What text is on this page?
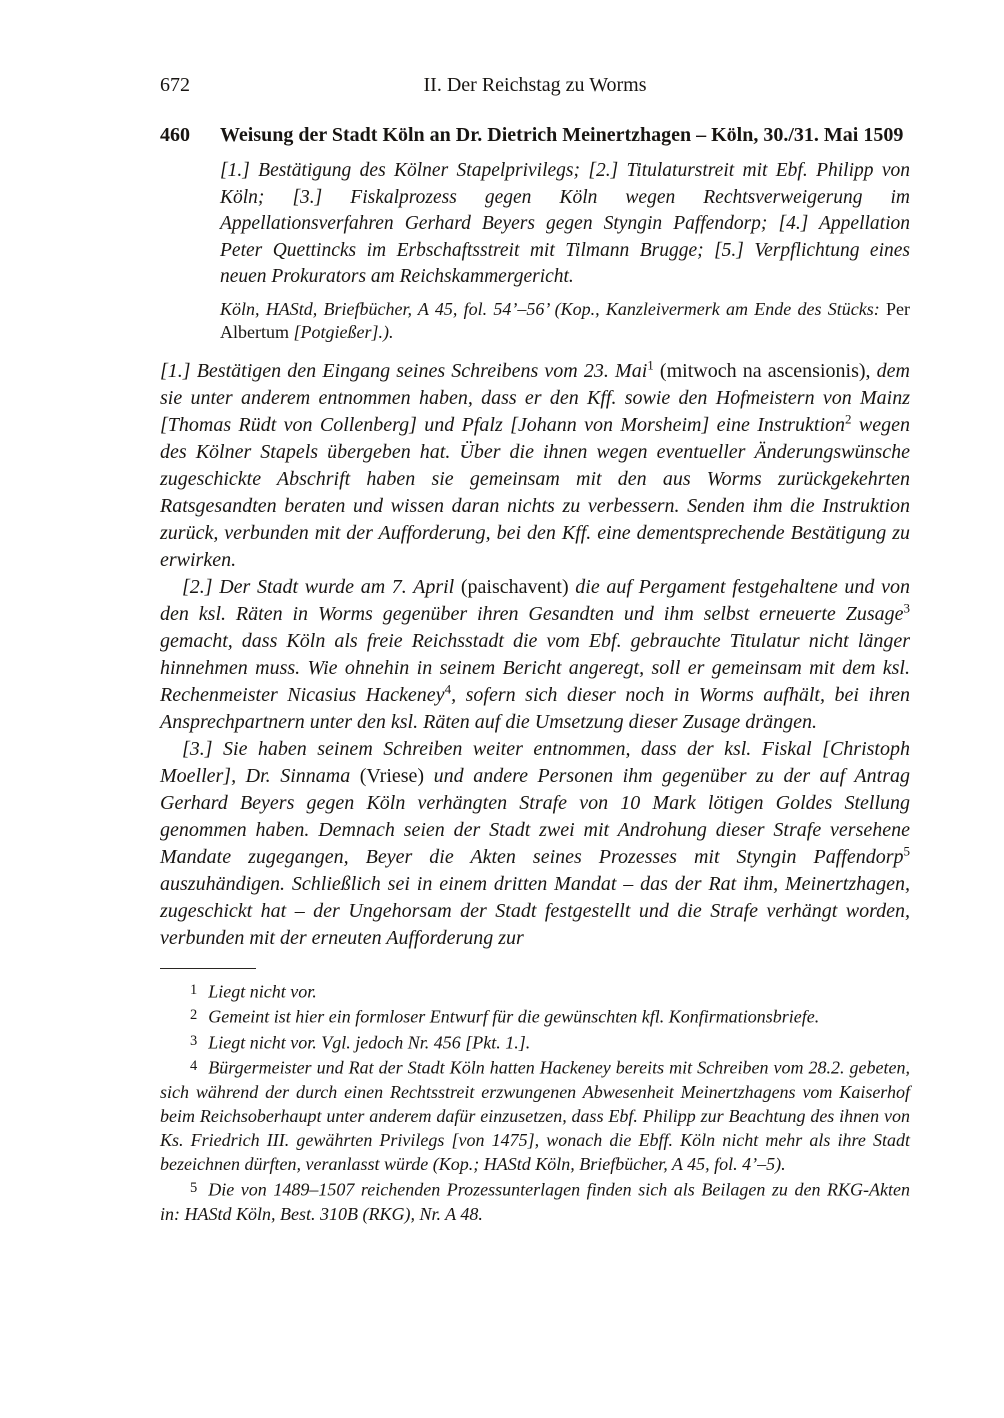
672	II. Der Reichstag zu Worms
460	Weisung der Stadt Köln an Dr. Dietrich Meinertzhagen – Köln, 30./31. Mai 1509

[1.] Bestätigung des Kölner Stapelprivilegs; [2.] Titulaturstreit mit Ebf. Philipp von Köln; [3.] Fiskalprozess gegen Köln wegen Rechtsverweigerung im Appellationsverfahren Gerhard Beyers gegen Styngin Paffendorp; [4.] Appellation Peter Quettincks im Erbschaftsstreit mit Tilmann Brugge; [5.] Verpflichtung eines neuen Prokurators am Reichskammergericht.

Köln, HAStd, Briefbücher, A 45, fol. 54’–56’ (Kop., Kanzleivermerk am Ende des Stücks: Per Albertum [Potgießer].).

[1.] Bestätigen den Eingang seines Schreibens vom 23. Mai$^1$ (mitwoch na ascensionis), dem sie unter anderem entnommen haben, dass er den Kff. sowie den Hofmeistern von Mainz [Thomas Rüdt von Collenberg] und Pfalz [Johann von Morsheim] eine Instruktion$^2$ wegen des Kölner Stapels übergeben hat. Über die ihnen wegen eventueller Änderungswünsche zugeschickte Abschrift haben sie gemeinsam mit den aus Worms zurückgekehrten Ratsgesandten beraten und wissen daran nichts zu verbessern. Senden ihm die Instruktion zurück, verbunden mit der Aufforderung, bei den Kff. eine dementsprechende Bestätigung zu erwirken.

[2.] Der Stadt wurde am 7. April (paischavent) die auf Pergament festgehaltene und von den ksl. Räten in Worms gegenüber ihren Gesandten und ihm selbst erneuerte Zusage$^3$ gemacht, dass Köln als freie Reichsstadt die vom Ebf. gebrauchte Titulatur nicht länger hinnehmen muss. Wie ohnehin in seinem Bericht angeregt, soll er gemeinsam mit dem ksl. Rechenmeister Nicasius Hackeney$^4$, sofern sich dieser noch in Worms aufhält, bei ihren Ansprechpartnern unter den ksl. Räten auf die Umsetzung dieser Zusage drängen.

[3.] Sie haben seinem Schreiben weiter entnommen, dass der ksl. Fiskal [Christoph Moeller], Dr. Sinnama (Vriese) und andere Personen ihm gegenüber zu der auf Antrag Gerhard Beyers gegen Köln verhängten Strafe von 10 Mark lötigen Goldes Stellung genommen haben. Demnach seien der Stadt zwei mit Androhung dieser Strafe versehene Mandate zugegangen, Beyer die Akten seines Prozesses mit Styngin Paffendorp$^5$ auszuhändigen. Schließlich sei in einem dritten Mandat – das der Rat ihm, Meinertzhagen, zugeschickt hat – der Ungehorsam der Stadt festgestellt und die Strafe verhängt worden, verbunden mit der erneuten Aufforderung zur

$^1$ Liegt nicht vor.

$^2$ Gemeint ist hier ein formloser Entwurf für die gewünschten kfl. Konfirmationsbriefe.

$^3$ Liegt nicht vor. Vgl. jedoch Nr. 456 [Pkt. 1.].

$^4$ Bürgermeister und Rat der Stadt Köln hatten Hackeney bereits mit Schreiben vom 28.2. gebeten, sich während der durch einen Rechtsstreit erzwungenen Abwesenheit Meinertzhagens vom Kaiserhof beim Reichsoberhaupt unter anderem dafür einzusetzen, dass Ebf. Philipp zur Beachtung des ihnen von Ks. Friedrich III. gewährten Privilegs [von 1475], wonach die Ebff. Köln nicht mehr als ihre Stadt bezeichnen dürften, veranlasst würde (Kop.; HAStd Köln, Briefbücher, A 45, fol. 4’–5).

$^5$ Die von 1489–1507 reichenden Prozessunterlagen finden sich als Beilagen zu den RKG-Akten in: HAStd Köln, Best. 310B (RKG), Nr. A 48.
